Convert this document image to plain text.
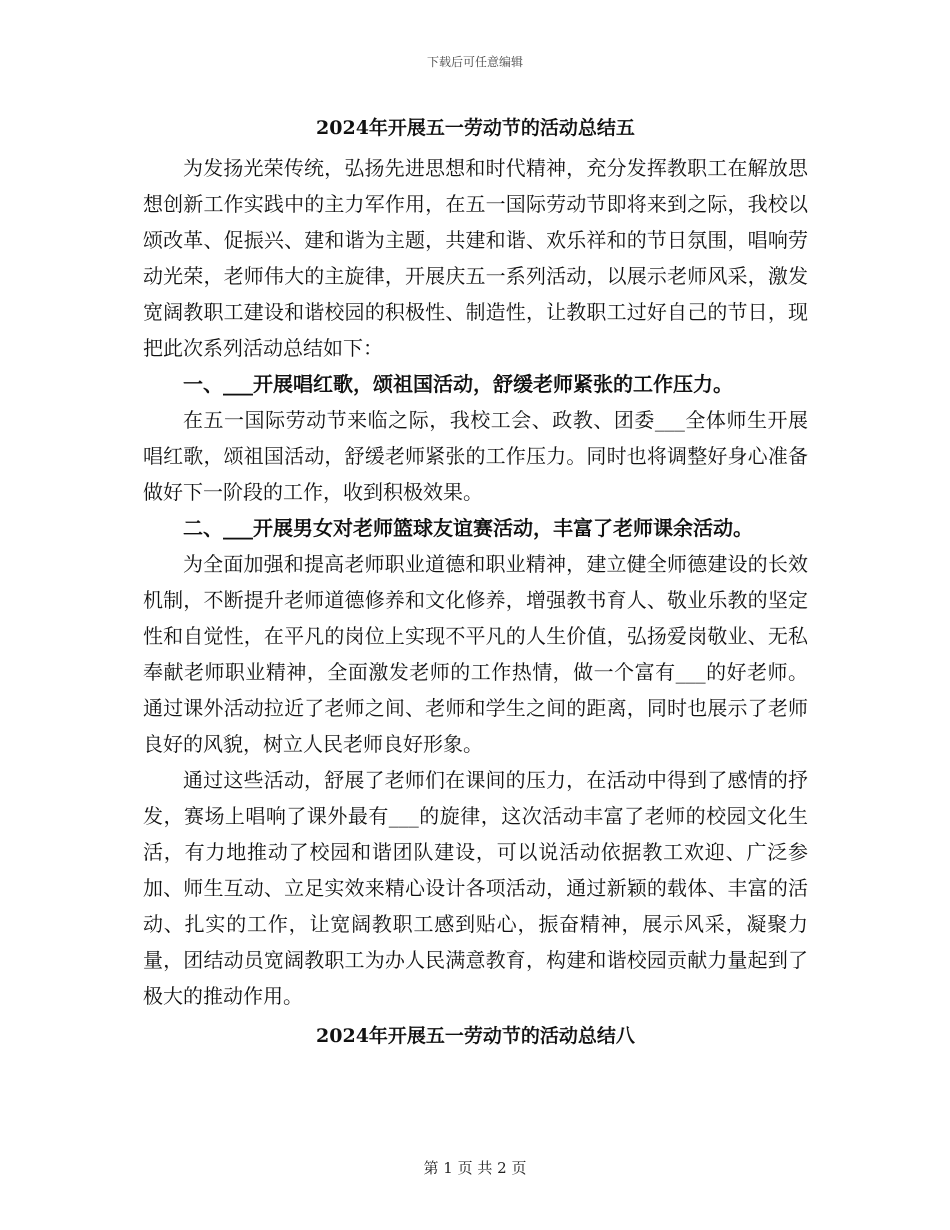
下载后可任意编辑
2024年开展五一劳动节的活动总结五

为发扬光荣传统，弘扬先进思想和时代精神，充分发挥教职工在解放思想创新工作实践中的主力军作用，在五一国际劳动节即将来到之际，我校以颂改革、促振兴、建和谐为主题，共建和谐、欢乐祥和的节日氛围，唱响劳动光荣，老师伟大的主旋律，开展庆五一系列活动，以展示老师风采，激发宽阔教职工建设和谐校园的积极性、制造性，让教职工过好自己的节日，现把此次系列活动总结如下：

一、___开展唱红歌，颂祖国活动，舒缓老师紧张的工作压力。

在五一国际劳动节来临之际，我校工会、政教、团委___全体师生开展唱红歌，颂祖国活动，舒缓老师紧张的工作压力。同时也将调整好身心准备做好下一阶段的工作，收到积极效果。

二、___开展男女对老师篮球友谊赛活动，丰富了老师课余活动。

为全面加强和提高老师职业道德和职业精神，建立健全师德建设的长效机制，不断提升老师道德修养和文化修养，增强教书育人、敬业乐教的坚定性和自觉性，在平凡的岗位上实现不平凡的人生价值，弘扬爱岗敬业、无私奉献老师职业精神，全面激发老师的工作热情，做一个富有___的好老师。通过课外活动拉近了老师之间、老师和学生之间的距离，同时也展示了老师良好的风貌，树立人民老师良好形象。

通过这些活动，舒展了老师们在课间的压力，在活动中得到了感情的抒发，赛场上唱响了课外最有___的旋律，这次活动丰富了老师的校园文化生活，有力地推动了校园和谐团队建设，可以说活动依据教工欢迎、广泛参加、师生互动、立足实效来精心设计各项活动，通过新颖的载体、丰富的活动、扎实的工作，让宽阔教职工感到贴心，振奋精神，展示风采，凝聚力量，团结动员宽阔教职工为办人民满意教育，构建和谐校园贡献力量起到了极大的推动作用。

2024年开展五一劳动节的活动总结八
第 1 页 共 2 页
